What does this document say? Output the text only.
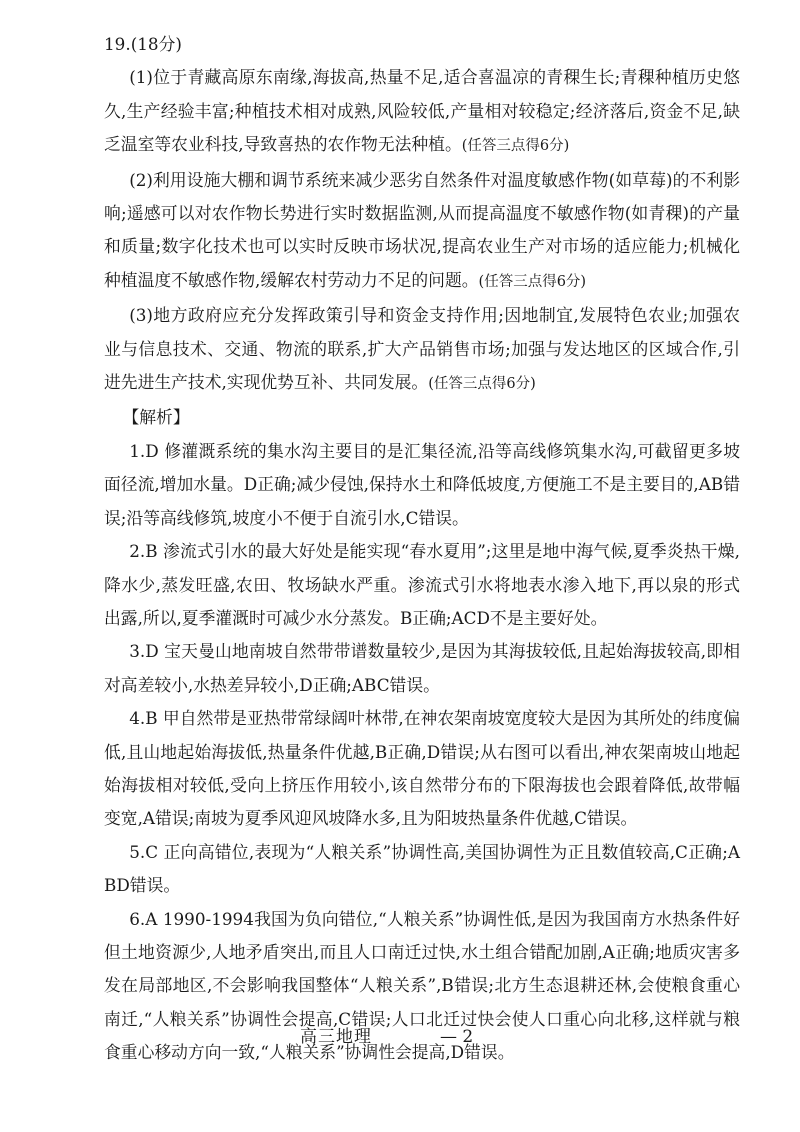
19.(18分)

(1)位于青藏高原东南缘,海拔高,热量不足,适合喜温凉的青稞生长;青稞种植历史悠久,生产经验丰富;种植技术相对成熟,风险较低,产量相对较稳定;经济落后,资金不足,缺乏温室等农业科技,导致喜热的农作物无法种植。(任答三点得6分)

(2)利用设施大棚和调节系统来减少恶劣自然条件对温度敏感作物(如草莓)的不利影响;遥感可以对农作物长势进行实时数据监测,从而提高温度不敏感作物(如青稞)的产量和质量;数字化技术也可以实时反映市场状况,提高农业生产对市场的适应能力;机械化种植温度不敏感作物,缓解农村劳动力不足的问题。(任答三点得6分)

(3)地方政府应充分发挥政策引导和资金支持作用;因地制宜,发展特色农业;加强农业与信息技术、交通、物流的联系,扩大产品销售市场;加强与发达地区的区域合作,引进先进生产技术,实现优势互补、共同发展。(任答三点得6分)

【解析】

1.D 修灌溉系统的集水沟主要目的是汇集径流,沿等高线修筑集水沟,可截留更多坡面径流,增加水量。D正确;减少侵蚀,保持水土和降低坡度,方便施工不是主要目的,AB错误;沿等高线修筑,坡度小不便于自流引水,C错误。

2.B 渗流式引水的最大好处是能实现“春水夏用”;这里是地中海气候,夏季炎热干燥,降水少,蒸发旺盛,农田、牧场缺水严重。渗流式引水将地表水渗入地下,再以泉的形式出露,所以,夏季灌溉时可减少水分蒸发。B正确;ACD不是主要好处。

3.D 宝天曼山地南坡自然带带谱数量较少,是因为其海拔较低,且起始海拔较高,即相对高差较小,水热差异较小,D正确;ABC错误。

4.B 甲自然带是亚热带常绿阔叶林带,在神农架南坡宽度较大是因为其所处的纬度偏低,且山地起始海拔低,热量条件优越,B正确,D错误;从右图可以看出,神农架南坡山地起始海拔相对较低,受向上挤压作用较小,该自然带分布的下限海拔也会跟着降低,故带幅变宽,A错误;南坡为夏季风迎风坡降水多,且为阳坡热量条件优越,C错误。

5.C 正向高错位,表现为“人粮关系”协调性高,美国协调性为正且数值较高,C正确;ABD错误。

6.A 1990-1994我国为负向错位,“人粮关系”协调性低,是因为我国南方水热条件好但土地资源少,人地矛盾突出,而且人口南迁过快,水土组合错配加剧,A正确;地质灾害多发在局部地区,不会影响我国整体“人粮关系”,B错误;北方生态退耕还林,会使粮食重心南迁,“人粮关系”协调性会提高,C错误;人口北迁过快会使人口重心向北移,这样就与粮食重心移动方向一致,“人粮关系”协调性会提高,D错误。

高三地理	— 2
